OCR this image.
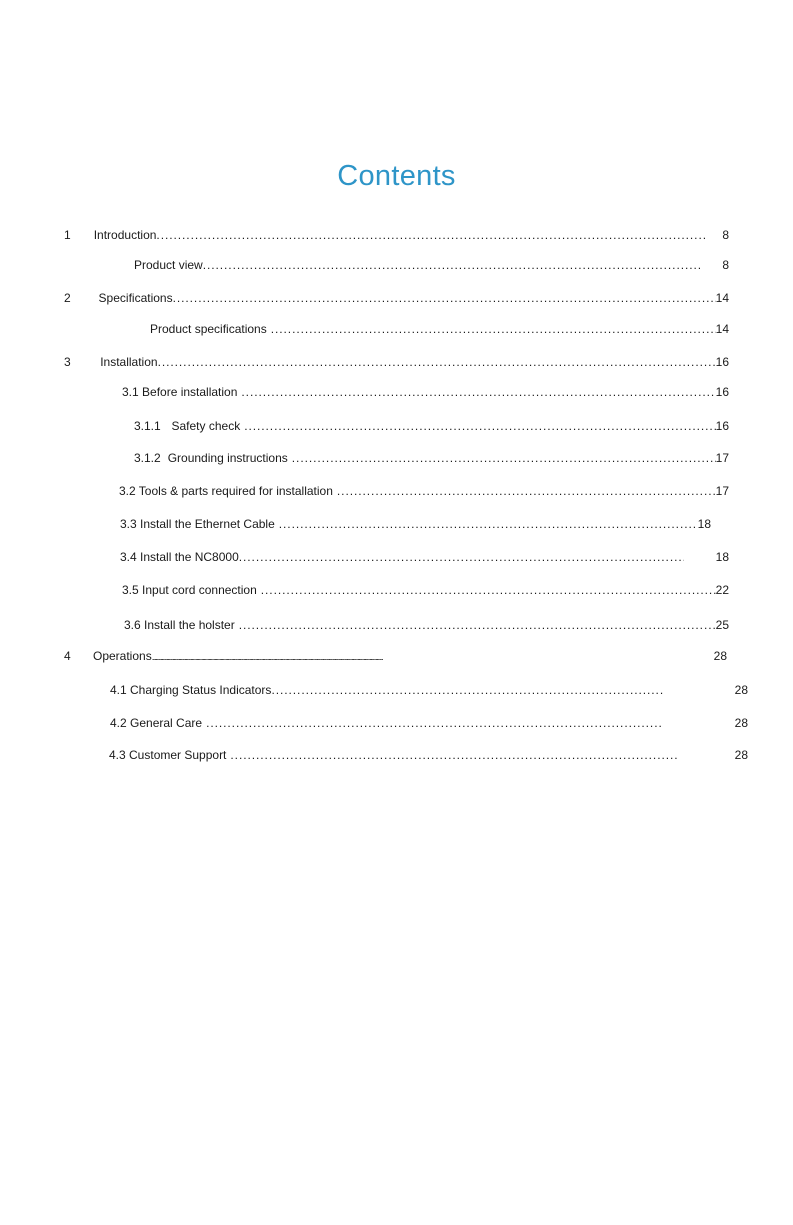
Contents
1	Introduction . . .	8
Product view . . .	8
2	Specifications . . .	14
Product specifications . . .	14
3	Installation . . .	16
3.1 Before installation . . .	16
3.1.1 Safety check . . .	16
3.1.2 Grounding instructions . . .	17
3.2 Tools & parts required for installation . . .	17
3.3 Install the Ethernet Cable . . .	18
3.4 Install the NC8000 . . .	18
3.5 Input cord connection . . .	22
3.6 Install the holster . . .	25
4	Operations . . .	28
4.1 Charging Status Indicators . . .	28
4.2 General Care . . .	28
4.3 Customer Support . . .	28
